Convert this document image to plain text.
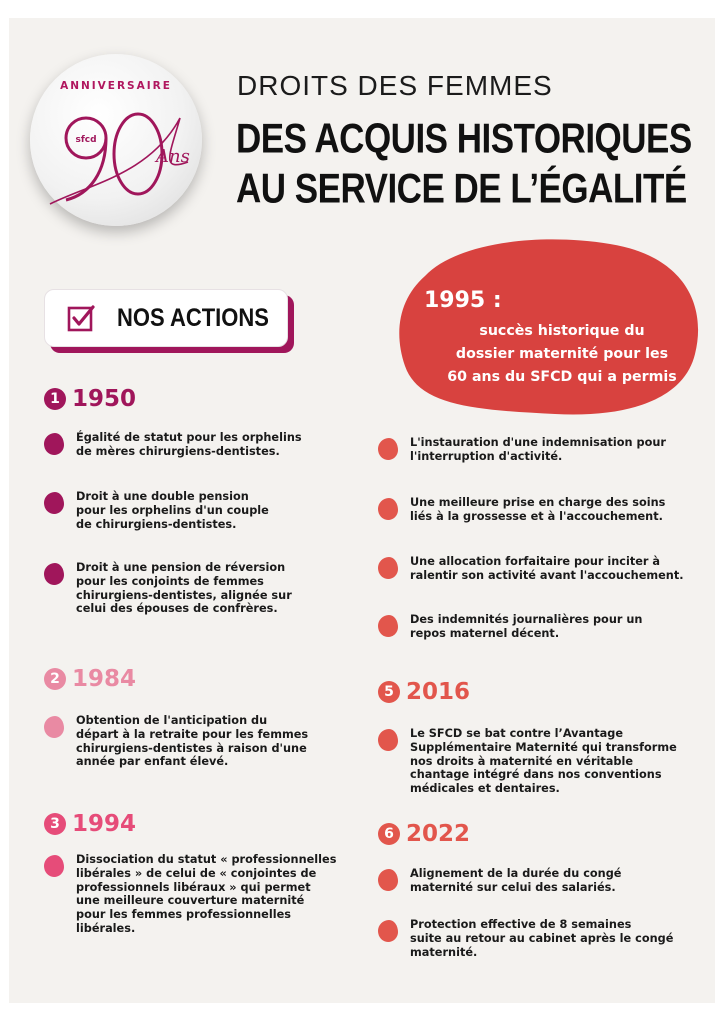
ANNIVERSAIRE
sfcd
Ans
DROITS DES FEMMES
DES ACQUIS HISTORIQUES
AU SERVICE DE L’ÉGALITÉ
NOS ACTIONS
1995 :
succès historique du
dossier maternité pour les
60 ans du SFCD qui a permis
1 1950
Égalité de statut pour les orphelins
de mères chirurgiens-dentistes.
Droit à une double pension
pour les orphelins d'un couple
de chirurgiens-dentistes.
Droit à une pension de réversion
pour les conjoints de femmes
chirurgiens-dentistes, alignée sur
celui des épouses de confrères.
2 1984
Obtention de l'anticipation du
départ à la retraite pour les femmes
chirurgiens-dentistes à raison d'une
année par enfant élevé.
3 1994
Dissociation du statut « professionnelles
libérales » de celui de « conjointes de
professionnels libéraux » qui permet
une meilleure couverture maternité
pour les femmes professionnelles
libérales.
L'instauration d'une indemnisation pour
l'interruption d'activité.
Une meilleure prise en charge des soins
liés à la grossesse et à l'accouchement.
Une allocation forfaitaire pour inciter à
ralentir son activité avant l'accouchement.
Des indemnités journalières pour un
repos maternel décent.
5 2016
Le SFCD se bat contre l’Avantage
Supplémentaire Maternité qui transforme
nos droits à maternité en véritable
chantage intégré dans nos conventions
médicales et dentaires.
6 2022
Alignement de la durée du congé
maternité sur celui des salariés.
Protection effective de 8 semaines
suite au retour au cabinet après le congé
maternité.
